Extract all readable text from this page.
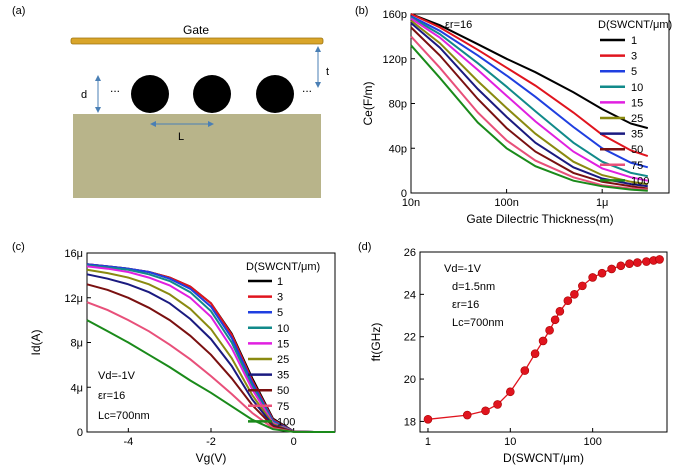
(a)
Gate
...	...
d
t
L
(b)
εr=16	D(SWCNT/μm)
10n	100n	1μ
0
40p
80p
120p
160p
1
3
5
10
15
25
35
50
75
100
Gate Dilectric Thickness(m)
Ce(F/m)
(c)
D(SWCNT/μm)
Vd=-1V
εr=16
Lc=700nm
-4	-2	0
0
4μ
8μ
12μ
16μ
1
3
5
10
15
25
35
50
75
100
Vg(V)
Id(A)
(d)
Vd=-1V
d=1.5nm
εr=16
Lc=700nm
1	10	100
18
20
22
24
26
D(SWCNT/μm)
ft(GHz)
